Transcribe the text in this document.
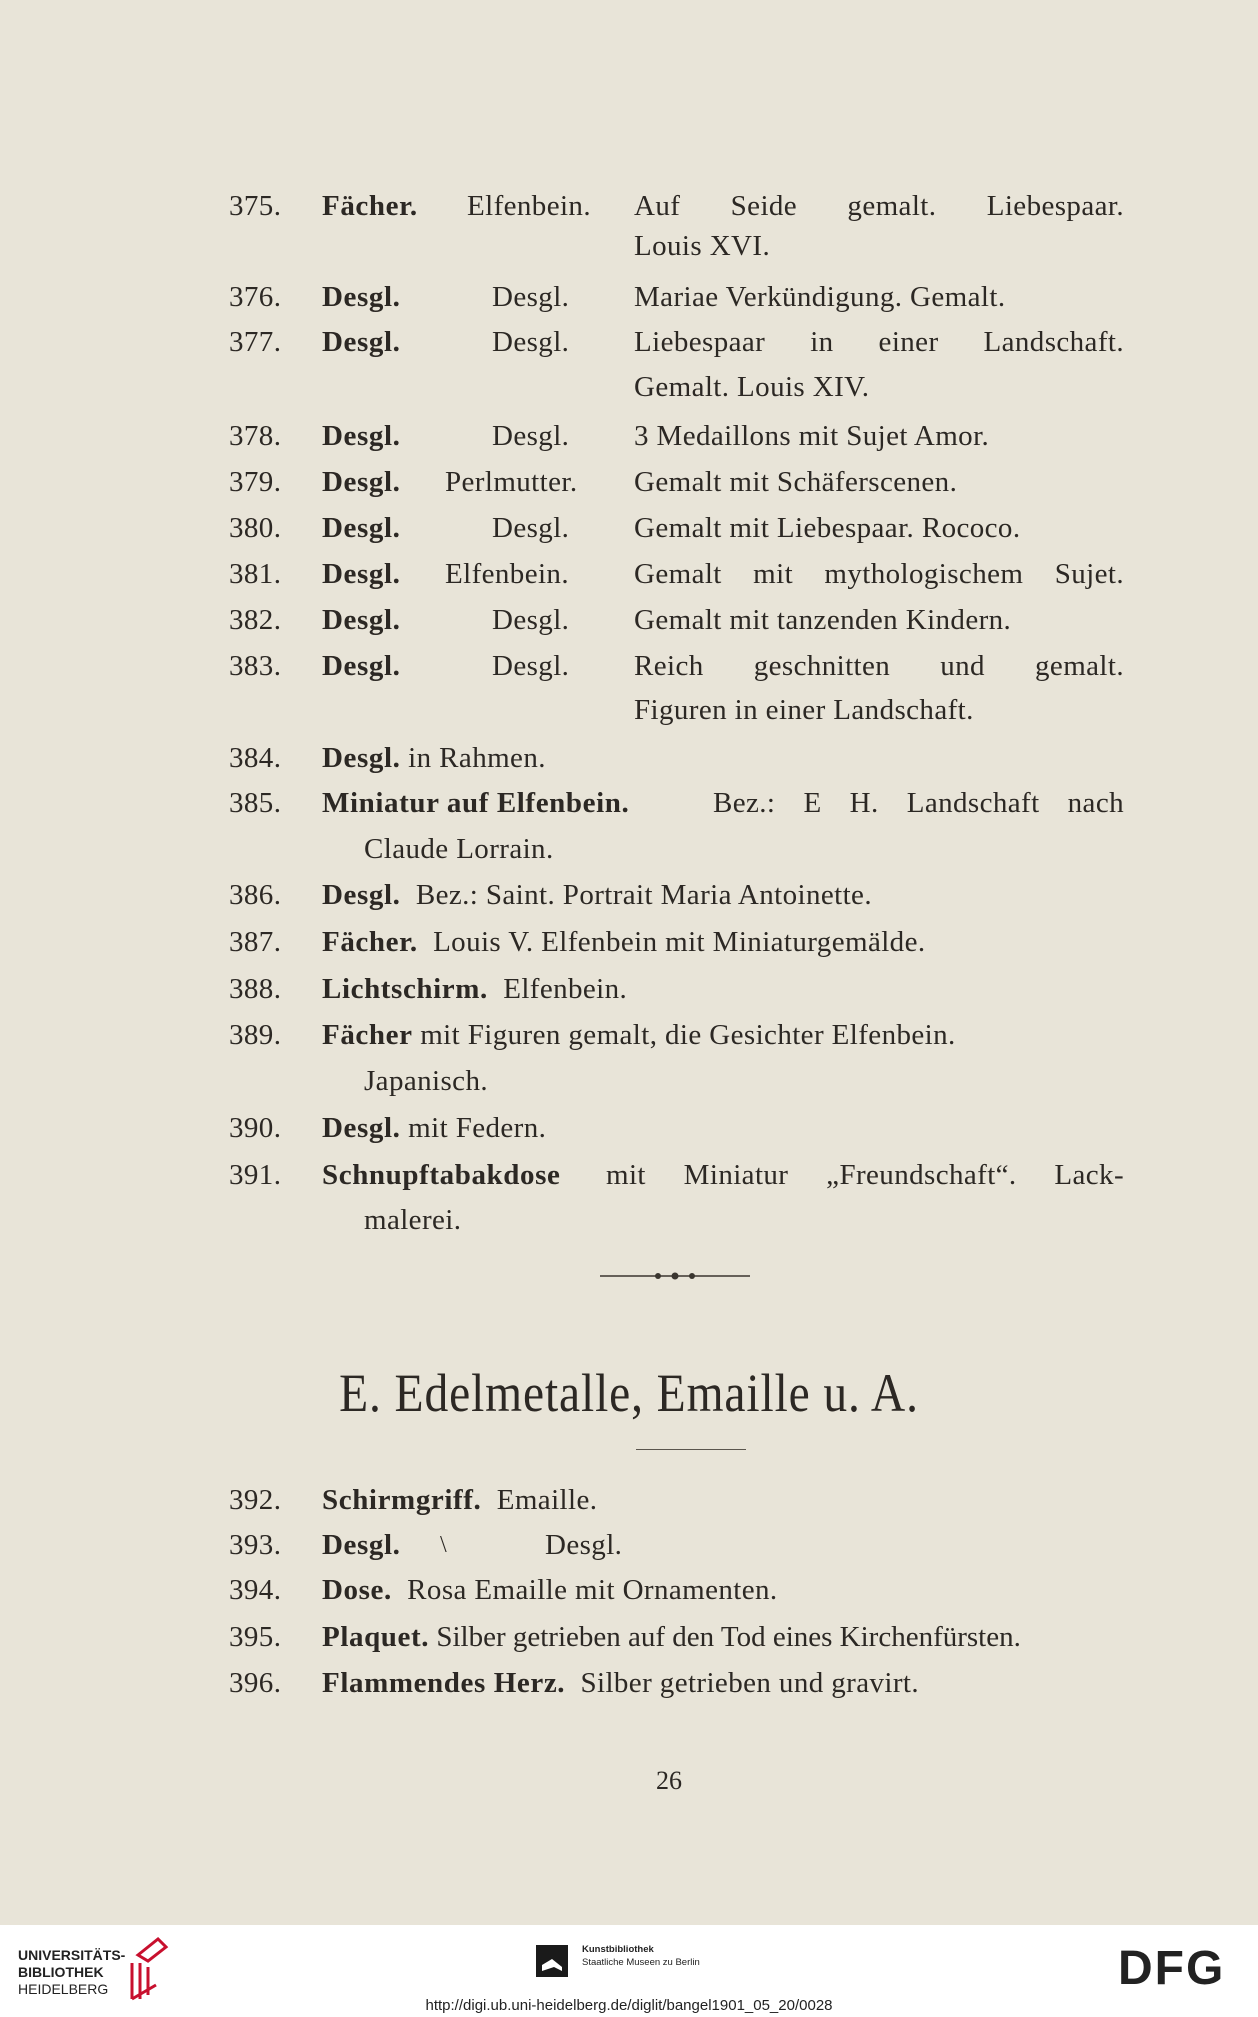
375. Fächer. Elfenbein. Auf Seide gemalt. Liebespaar.
Louis XVI.
376. Desgl.	Desgl. Mariae Verkündigung. Gemalt.
377. Desgl.	Desgl. Liebespaar in einer Landschaft.
Gemalt. Louis XIV.
378. Desgl.	Desgl. 3 Medaillons mit Sujet Amor.
379. Desgl. Perlmutter. Gemalt mit Schäferscenen.
380. Desgl.	Desgl. Gemalt mit Liebespaar. Rococo.
381. Desgl. Elfenbein. Gemalt mit mythologischem Sujet.
382. Desgl.	Desgl. Gemalt mit tanzenden Kindern.
383. Desgl.	Desgl. Reich geschnitten und gemalt.
Figuren in einer Landschaft.
384. Desgl. in Rahmen.
385. Miniatur auf Elfenbein.	Bez.: E H. Landschaft nach
Claude Lorrain.
386. Desgl. Bez.: Saint. Portrait Maria Antoinette.
387. Fächer. Louis V. Elfenbein mit Miniaturgemälde.
388. Lichtschirm. Elfenbein.
389. Fächer mit Figuren gemalt, die Gesichter Elfenbein.
Japanisch.
390. Desgl. mit Federn.
391. Schnupftabakdose mit Miniatur „Freundschaft“. Lack-
malerei.
E. Edelmetalle, Emaille u. A.
392. Schirmgriff. Emaille.
393. Desgl. \	Desgl.
394. Dose. Rosa Emaille mit Ornamenten.
395. Plaquet. Silber getrieben auf den Tod eines Kirchenfürsten.
396. Flammendes Herz. Silber getrieben und gravirt.
26
UNIVERSITÄTS-
BIBLIOTHEK
HEIDELBERG
Kunstbibliothek
Staatliche Museen zu Berlin	DFG
http://digi.ub.uni-heidelberg.de/diglit/bangel1901_05_20/0028
